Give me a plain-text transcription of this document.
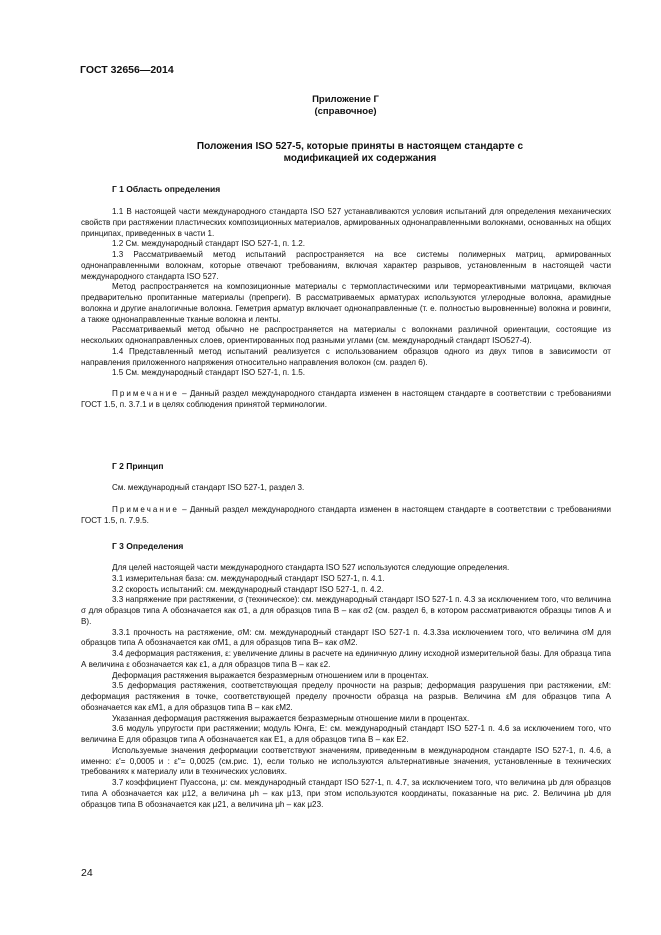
ГОСТ 32656—2014
Приложение Г
(справочное)
Положения ISO 527-5, которые приняты в настоящем стандарте с
модификацией их содержания
Г 1 Область определения

1.1 В настоящей части международного стандарта ISO 527 устанавливаются условия испытаний для определения механических свойств при растяжении пластических композиционных материалов, армированных однонаправленными волокнами, основанных на общих принципах, приведенных в части 1.

1.2 См. международный стандарт ISO 527-1, п. 1.2.

1.3 Рассматриваемый метод испытаний распространяется на все системы полимерных матриц, армированных однонаправленными волокнам, которые отвечают требованиям, включая характер разрывов, установленным в настоящей части международного стандарта ISO 527.

Метод распространяется на композиционные материалы с термопластическими или термореактивными матрицами, включая предварительно пропитанные материалы (препреги). В рассматриваемых арматурах используются углеродные волокна, арамидные волокна и другие аналогичные волокна. Геметрия арматур включает однонаправленные (т. е. полностью выровненные) волокна и ровинги, а также однонаправленные тканые волокна и ленты.

Рассматриваемый метод обычно не распространяется на материалы с волокнами различной ориентации, состоящие из нескольких однонаправленных слоев, ориентированных под разными углами (см. международный стандарт ISO527-4).

1.4 Представленный метод испытаний реализуется с использованием образцов одного из двух типов в зависимости от направления приложенного напряжения относительно направления волокон (см. раздел 6).

1.5 См. международный стандарт ISO 527-1, п. 1.5.

Примечание – Данный раздел международного стандарта изменен в настоящем стандарте в соответствии с требованиями ГОСТ 1.5, п. 3.7.1 и в целях соблюдения принятой терминологии.

Г 2 Принцип

См. международный стандарт ISO 527-1, раздел 3.

Примечание – Данный раздел международного стандарта изменен в настоящем стандарте в соответствии с требованиями ГОСТ 1.5, п. 7.9.5.

Г 3 Определения

Для целей настоящей части международного стандарта ISO 527 используются следующие определения.

3.1 измерительная база: см. международный стандарт ISO 527-1, п. 4.1.

3.2 скорость испытаний: см. международный стандарт ISO 527-1, п. 4.2.

3.3 напряжение при растяжении, σ (техническое): см. международный стандарт ISO 527-1 п. 4.3 за исключением того, что величина σ для образцов типа А обозначается как σ1, а для образцов типа В – как σ2 (см. раздел 6, в котором рассматриваются образцы типов А и В).

3.3.1 прочность на растяжение, σM: см. международный стандарт ISO 527-1 п. 4.3.3за исключением того, что величина σM для образцов типа А обозначается как σM1, а для образцов типа В– как σM2.

3.4 деформация растяжения, ε: увеличение длины в расчете на единичную длину исходной измерительной базы. Для образца типа А величина ε обозначается как ε1, а для образцов типа В – как ε2.

Деформация растяжения выражается безразмерным отношением или в процентах.

3.5 деформация растяжения, соответствующая пределу прочности на разрыв; деформация разрушения при растяжении, εM: деформация растяжения в точке, соответствующей пределу прочности образца на разрыв. Величина εM для образцов типа А обозначается как εM1, а для образцов типа В – как εM2.

Указанная деформация растяжения выражается безразмерным отношение мили в процентах.

3.6 модуль упругости при растяжении; модуль Юнга, E: см. международный стандарт ISO 527-1 п. 4.6 за исключением того, что величина E для образцов типа А обозначается как E1, а для образцов типа В – как E2.

Используемые значения деформации соответствуют значениям, приведенным в международном стандарте ISO 527-1, п. 4.6, а именно: ε'= 0,0005 и : ε''= 0,0025 (см.рис. 1), если только не используются альтернативные значения, установленные в технических требованиях к материалу или в технических условиях.

3.7 коэффициент Пуассона, μ: см. международный стандарт ISO 527-1, п. 4.7, за исключением того, что величина μb для образцов типа А обозначается как μ12, а величина μh – как μ13, при этом используются координаты, показанные на рис. 2. Величина μb для образцов типа В обозначается как μ21, а величина μh – как μ23.

24
